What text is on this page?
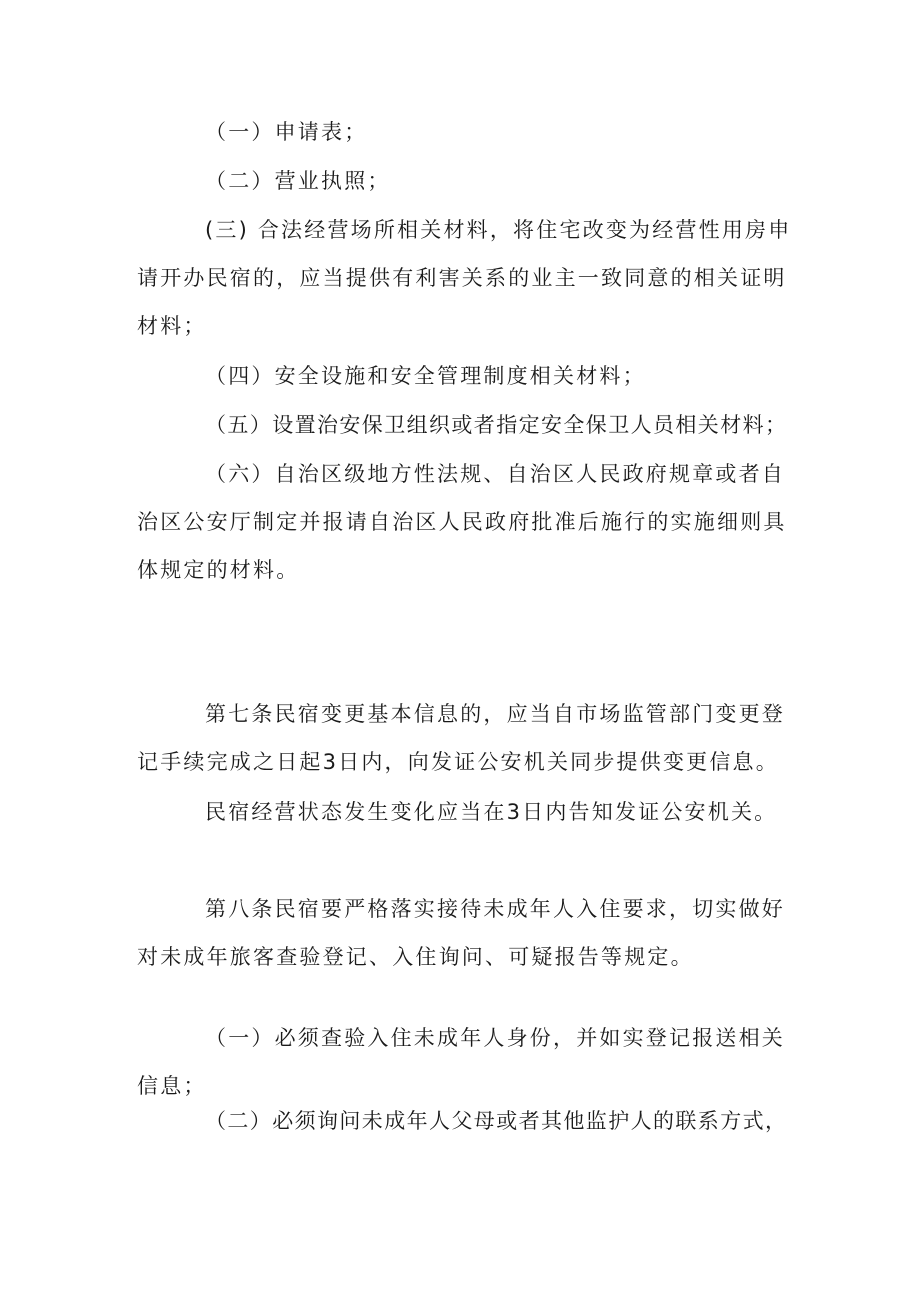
（一）申请表；

（二）营业执照；

(三) 合法经营场所相关材料，将住宅改变为经营性用房申请开办民宿的，应当提供有利害关系的业主一致同意的相关证明材料；

（四）安全设施和安全管理制度相关材料；

（五）设置治安保卫组织或者指定安全保卫人员相关材料；

（六）自治区级地方性法规、自治区人民政府规章或者自治区公安厅制定并报请自治区人民政府批准后施行的实施细则具体规定的材料。

第七条民宿变更基本信息的，应当自市场监管部门变更登记手续完成之日起3日内，向发证公安机关同步提供变更信息。

民宿经营状态发生变化应当在3日内告知发证公安机关。

第八条民宿要严格落实接待未成年人入住要求，切实做好对未成年旅客查验登记、入住询问、可疑报告等规定。

（一）必须查验入住未成年人身份，并如实登记报送相关信息；

（二）必须询问未成年人父母或者其他监护人的联系方式，
